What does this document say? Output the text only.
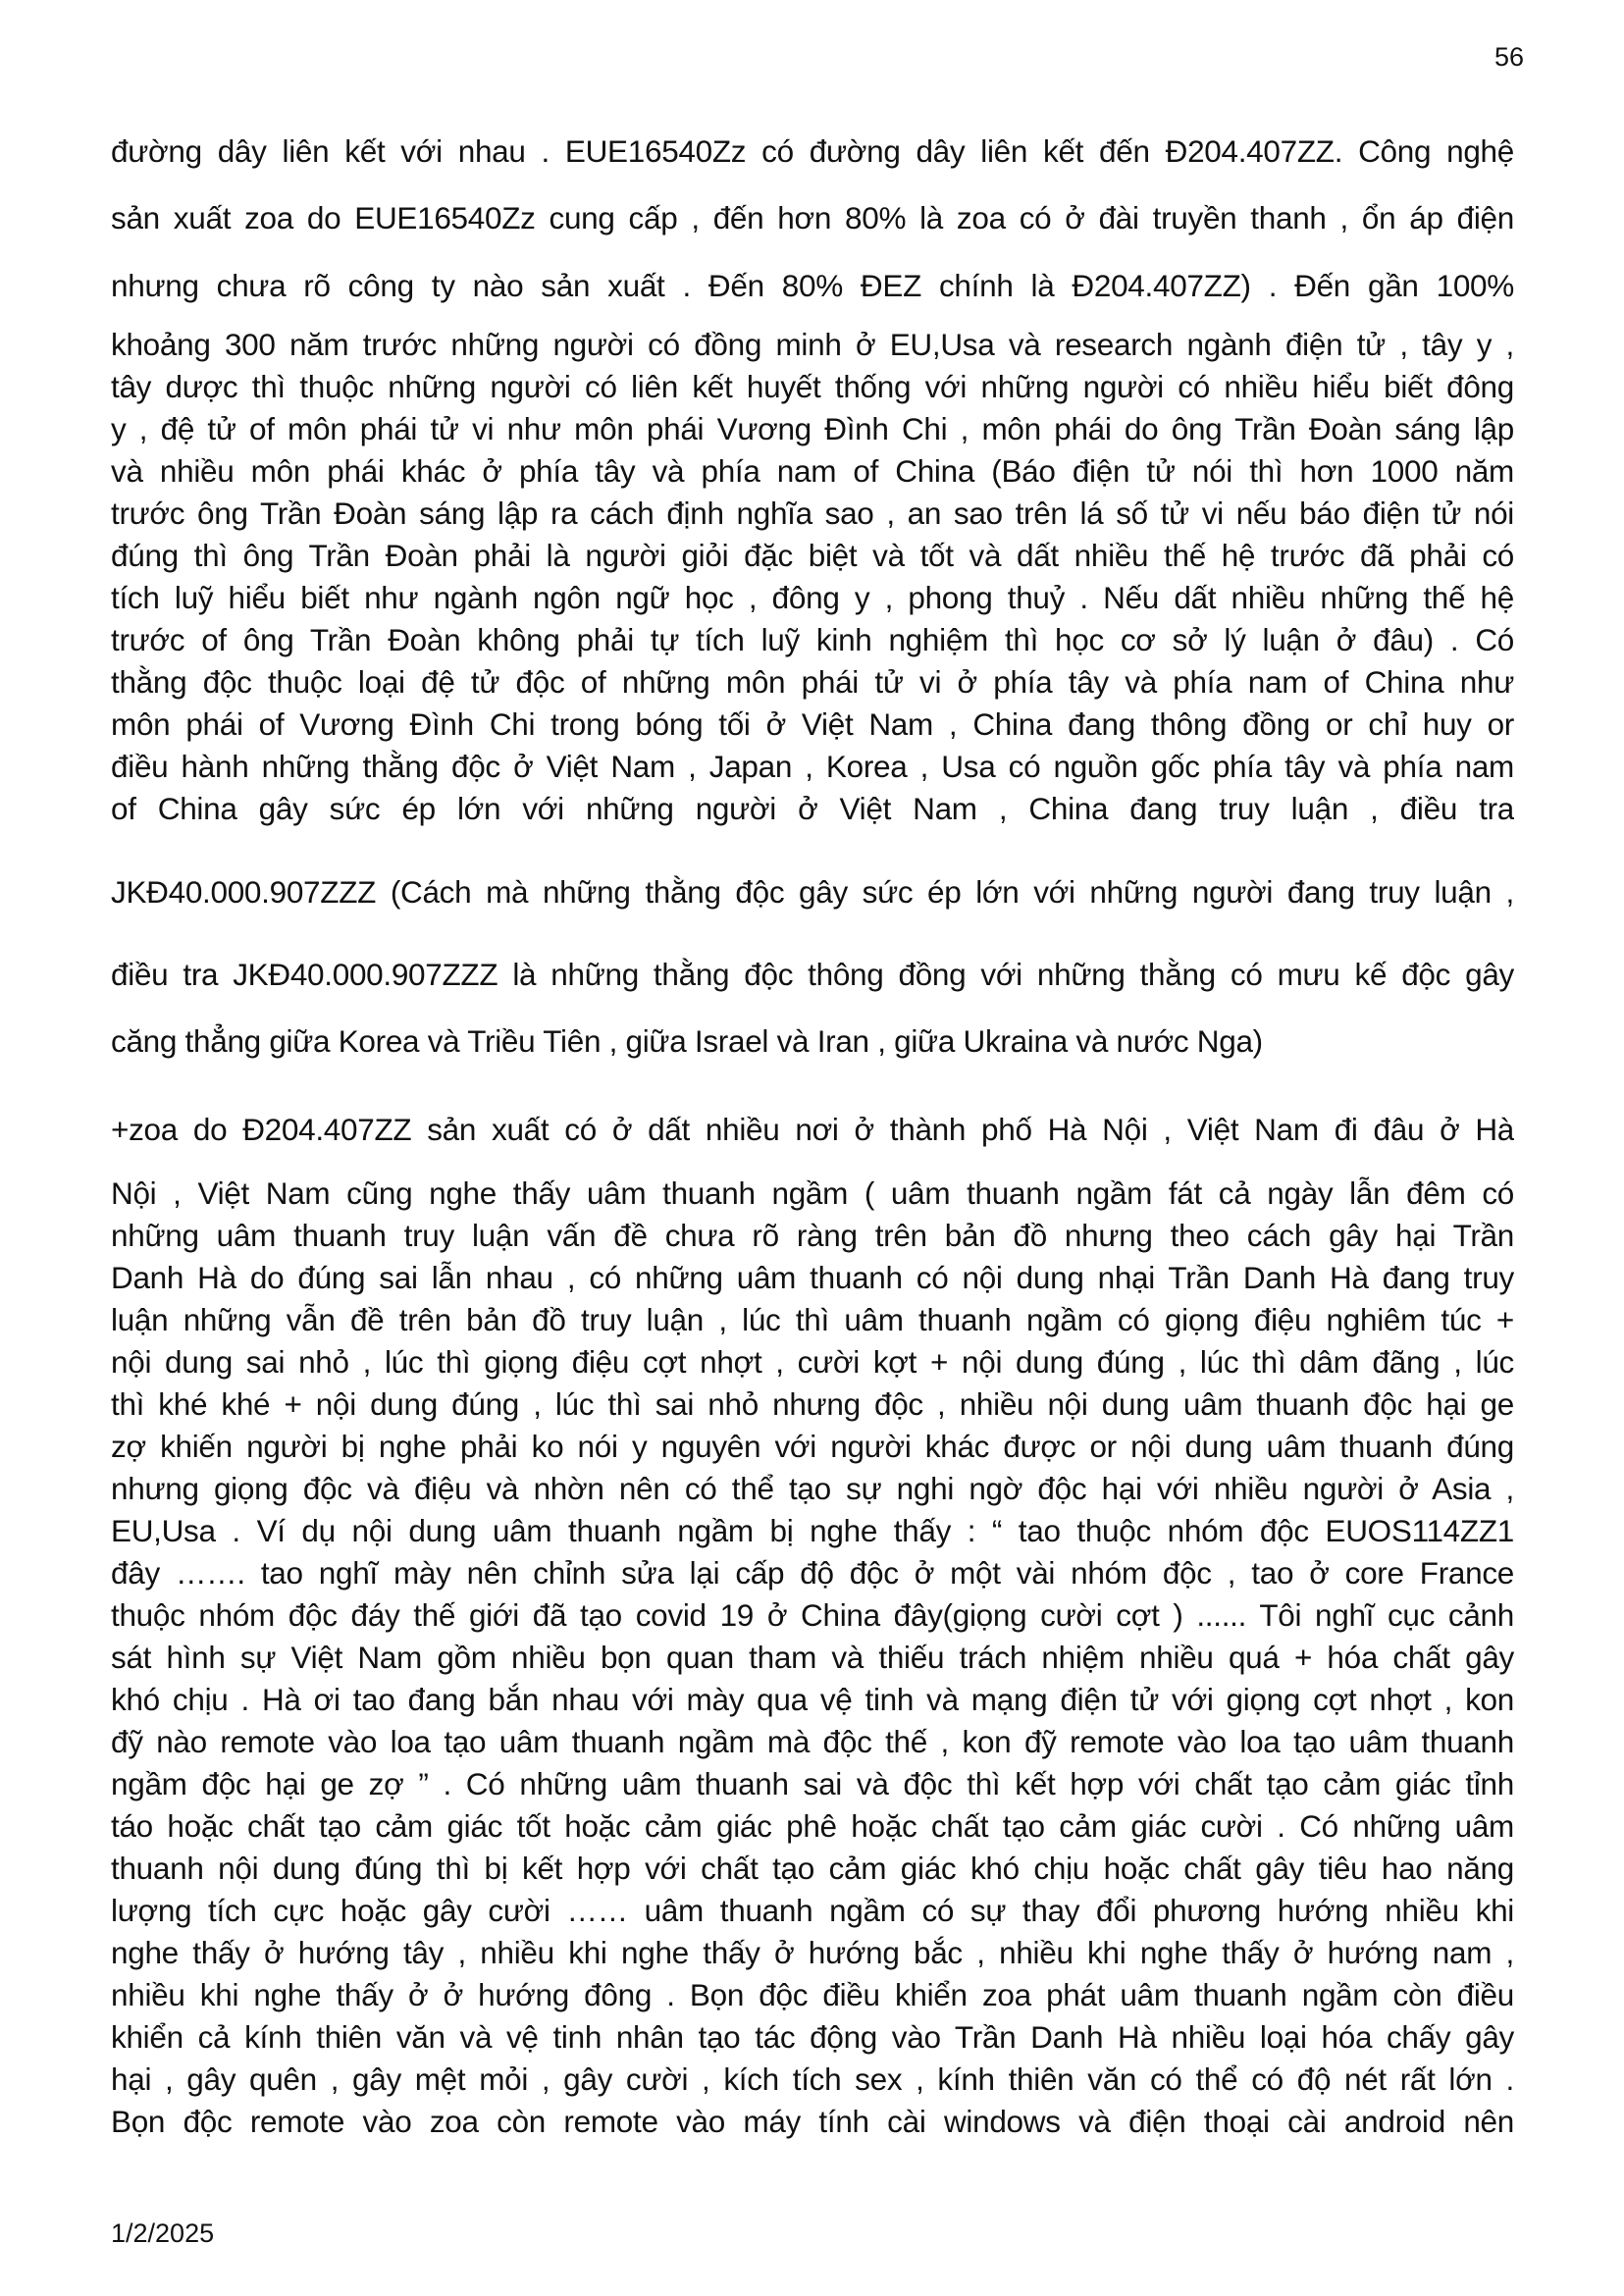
56
đường dây liên kết với nhau . EUE16540Zz có đường dây liên kết đến Đ204.407ZZ. Công nghệ
sản xuất zoa do EUE16540Zz cung cấp , đến hơn 80% là zoa có ở đài truyền thanh , ổn áp điện
nhưng chưa rõ công ty nào sản xuất . Đến 80% ĐEZ chính là Đ204.407ZZ) . Đến gần 100%
khoảng 300 năm trước những người có đồng minh ở EU,Usa và research ngành điện tử , tây y ,
tây dược thì thuộc những người có liên kết huyết thống với những người có nhiều hiểu biết đông
y , đệ tử of môn phái tử vi như môn phái Vương Đình Chi , môn phái do ông Trần Đoàn sáng lập
và nhiều môn phái khác ở phía tây và phía nam of China (Báo điện tử nói thì hơn 1000 năm
trước ông Trần Đoàn sáng lập ra cách định nghĩa sao , an sao trên lá số tử vi nếu báo điện tử nói
đúng thì ông Trần Đoàn phải là người giỏi đặc biệt và tốt và dất nhiều thế hệ trước đã phải có
tích luỹ hiểu biết như ngành ngôn ngữ học , đông y , phong thuỷ . Nếu dất nhiều những thế hệ
trước of ông Trần Đoàn không phải tự tích luỹ kinh nghiệm thì học cơ sở lý luận ở đâu) . Có
thằng độc thuộc loại đệ tử độc of những môn phái tử vi ở phía tây và phía nam of China như
môn phái of Vương Đình Chi trong bóng tối ở Việt Nam , China đang thông đồng or chỉ huy or
điều hành những thằng độc ở Việt Nam , Japan , Korea , Usa có nguồn gốc phía tây và phía nam
of China gây sức ép lớn với những người ở Việt Nam , China đang truy luận , điều tra
JKĐ40.000.907ZZZ (Cách mà những thằng độc gây sức ép lớn với những người đang truy luận ,
điều tra JKĐ40.000.907ZZZ là những thằng độc thông đồng với những thằng có mưu kế độc gây
căng thẳng giữa Korea và Triều Tiên , giữa Israel và Iran , giữa Ukraina và nước Nga)
+zoa do Đ204.407ZZ sản xuất có ở dất nhiều nơi ở thành phố Hà Nội , Việt Nam đi đâu ở Hà
Nội , Việt Nam cũng nghe thấy uâm thuanh ngầm ( uâm thuanh ngầm fát cả ngày lẫn đêm có
những uâm thuanh truy luận vấn đề chưa rõ ràng trên bản đồ nhưng theo cách gây hại Trần
Danh Hà do đúng sai lẫn nhau , có những uâm thuanh có nội dung nhại Trần Danh Hà đang truy
luận những vẫn đề trên bản đồ truy luận , lúc thì uâm thuanh ngầm có giọng điệu nghiêm túc +
nội dung sai nhỏ , lúc thì giọng điệu cợt nhợt , cười kợt + nội dung đúng , lúc thì dâm đãng , lúc
thì khé khé + nội dung đúng , lúc thì sai nhỏ nhưng độc , nhiều nội dung uâm thuanh độc hại ge
zợ khiến người bị nghe phải ko nói y nguyên với người khác được or nội dung uâm thuanh đúng
nhưng giọng độc và điệu và nhờn nên có thể tạo sự nghi ngờ độc hại với nhiều người ở Asia ,
EU,Usa . Ví dụ nội dung uâm thuanh ngầm bị nghe thấy : “ tao thuộc nhóm độc EUOS114ZZ1
đây ……. tao nghĩ mày nên chỉnh sửa lại cấp độ độc ở một vài nhóm độc , tao ở core France
thuộc nhóm độc đáy thế giới đã tạo covid 19 ở China đây(giọng cười cợt ) ...... Tôi nghĩ cục cảnh
sát hình sự Việt Nam gồm nhiều bọn quan tham và thiếu trách nhiệm nhiều quá + hóa chất gây
khó chịu . Hà ơi tao đang bắn nhau với mày qua vệ tinh và mạng điện tử với giọng cợt nhợt , kon
đỹ nào remote vào loa tạo uâm thuanh ngầm mà độc thế , kon đỹ remote vào loa tạo uâm thuanh
ngầm độc hại ge zợ ” . Có những uâm thuanh sai và độc thì kết hợp với chất tạo cảm giác tỉnh
táo hoặc chất tạo cảm giác tốt hoặc cảm giác phê hoặc chất tạo cảm giác cười . Có những uâm
thuanh nội dung đúng thì bị kết hợp với chất tạo cảm giác khó chịu hoặc chất gây tiêu hao năng
lượng tích cực hoặc gây cười …… uâm thuanh ngầm có sự thay đổi phương hướng nhiều khi
nghe thấy ở hướng tây , nhiều khi nghe thấy ở hướng bắc , nhiều khi nghe thấy ở hướng nam ,
nhiều khi nghe thấy ở ở hướng đông . Bọn độc điều khiển zoa phát uâm thuanh ngầm còn điều
khiển cả kính thiên văn và vệ tinh nhân tạo tác động vào Trần Danh Hà nhiều loại hóa chấy gây
hại , gây quên , gây mệt mỏi , gây cười , kích tích sex , kính thiên văn có thể có độ nét rất lớn .
Bọn độc remote vào zoa còn remote vào máy tính cài windows và điện thoại cài android nên
1/2/2025
